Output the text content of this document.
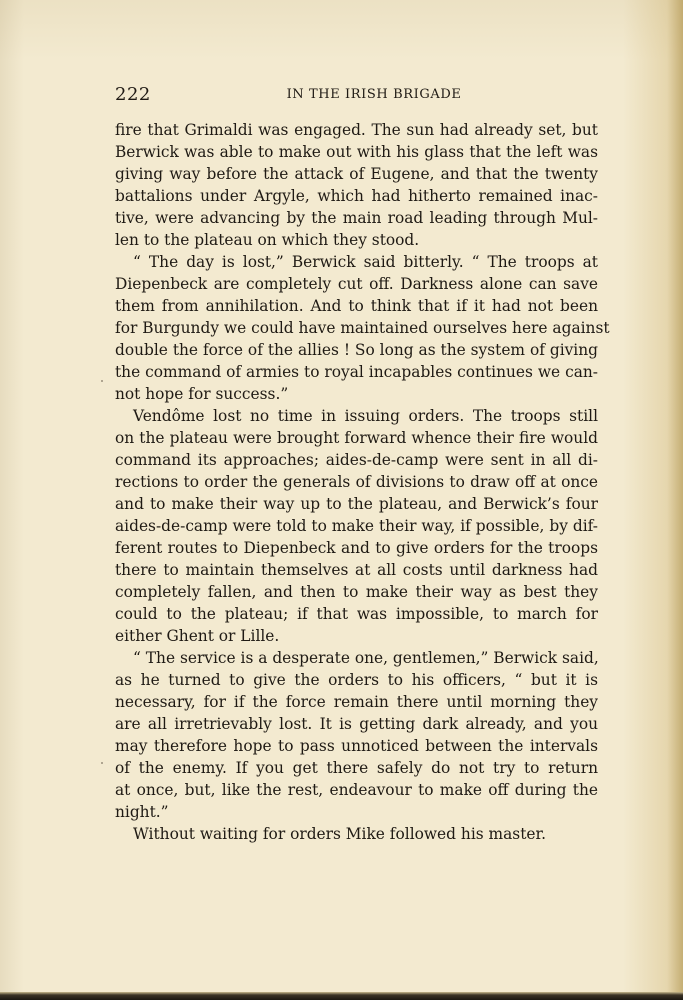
222	IN THE IRISH BRIGADE
fire that Grimaldi was engaged. The sun had already set, but
Berwick was able to make out with his glass that the left was
giving way before the attack of Eugene, and that the twenty
battalions under Argyle, which had hitherto remained inac-
tive, were advancing by the main road leading through Mul-
len to the plateau on which they stood.
“ The day is lost,” Berwick said bitterly. “ The troops at
Diepenbeck are completely cut off. Darkness alone can save
them from annihilation. And to think that if it had not been
for Burgundy we could have maintained ourselves here against
double the force of the allies ! So long as the system of giving
the command of armies to royal incapables continues we can-
not hope for success.”
Vendôme lost no time in issuing orders. The troops still
on the plateau were brought forward whence their fire would
command its approaches; aides-de-camp were sent in all di-
rections to order the generals of divisions to draw off at once
and to make their way up to the plateau, and Berwick’s four
aides-de-camp were told to make their way, if possible, by dif-
ferent routes to Diepenbeck and to give orders for the troops
there to maintain themselves at all costs until darkness had
completely fallen, and then to make their way as best they
could to the plateau; if that was impossible, to march for
either Ghent or Lille.
“ The service is a desperate one, gentlemen,” Berwick said,
as he turned to give the orders to his officers, “ but it is
necessary, for if the force remain there until morning they
are all irretrievably lost. It is getting dark already, and you
may therefore hope to pass unnoticed between the intervals
of the enemy. If you get there safely do not try to return
at once, but, like the rest, endeavour to make off during the
night.”
Without waiting for orders Mike followed his master.
